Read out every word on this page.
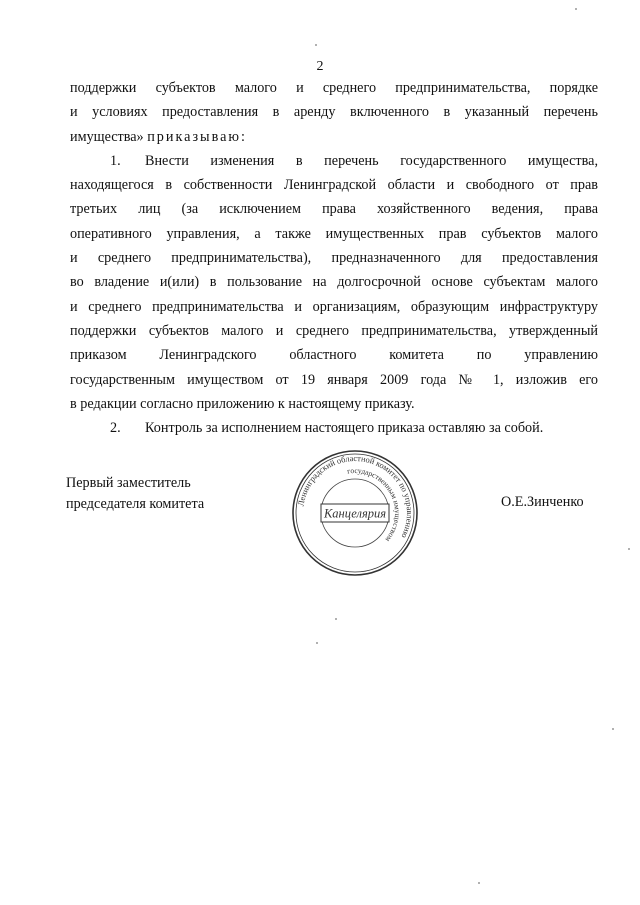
2
поддержки субъектов малого и среднего предпринимательства, порядке
и условиях предоставления в аренду включенного в указанный перечень
имущества» приказываю:
1. Внести изменения в перечень государственного имущества,
находящегося в собственности Ленинградской области и свободного от прав
третьих лиц (за исключением права хозяйственного ведения, права
оперативного управления, а также имущественных прав субъектов малого
и среднего предпринимательства), предназначенного для предоставления
во владение и(или) в пользование на долгосрочной основе субъектам малого
и среднего предпринимательства и организациям, образующим инфраструктуру
поддержки субъектов малого и среднего предпринимательства, утвержденный
приказом Ленинградского областного комитета по управлению
государственным имуществом от 19 января 2009 года № 1, изложив его
в редакции согласно приложению к настоящему приказу.
2. Контроль за исполнением настоящего приказа оставляю за собой.
Первый заместитель
председателя комитета	Ленинградский областной комитет по управлению
государственным имуществом
Канцелярия
О.Е.Зинченко
